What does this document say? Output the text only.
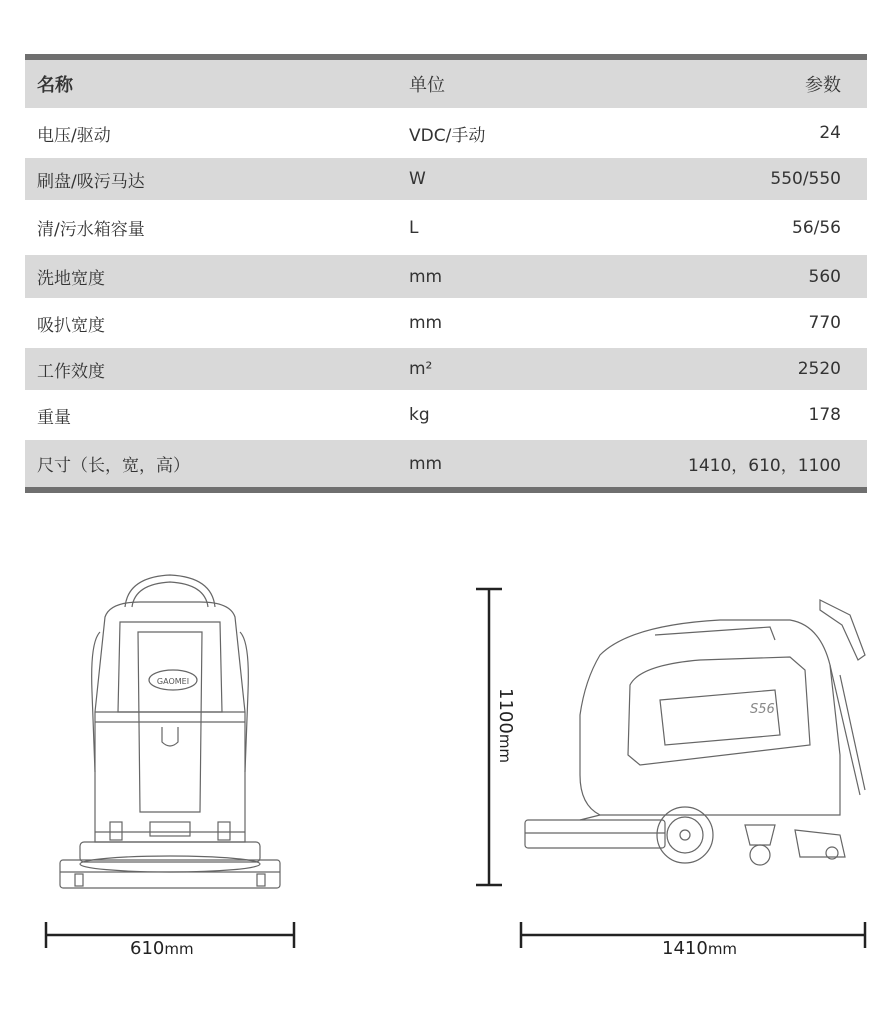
名称	单位	参数
电压/驱动	VDC/手动	24
刷盘/吸污马达	W	550/550
清/污水箱容量	L	56/56
洗地宽度	mm	560
吸扒宽度	mm	770
工作效度	m²	2520
重量	kg	178
尺寸（长，宽，高）	mm	1410，610，1100
GAOMEI
S56
610mm	1410mm
1100mm
